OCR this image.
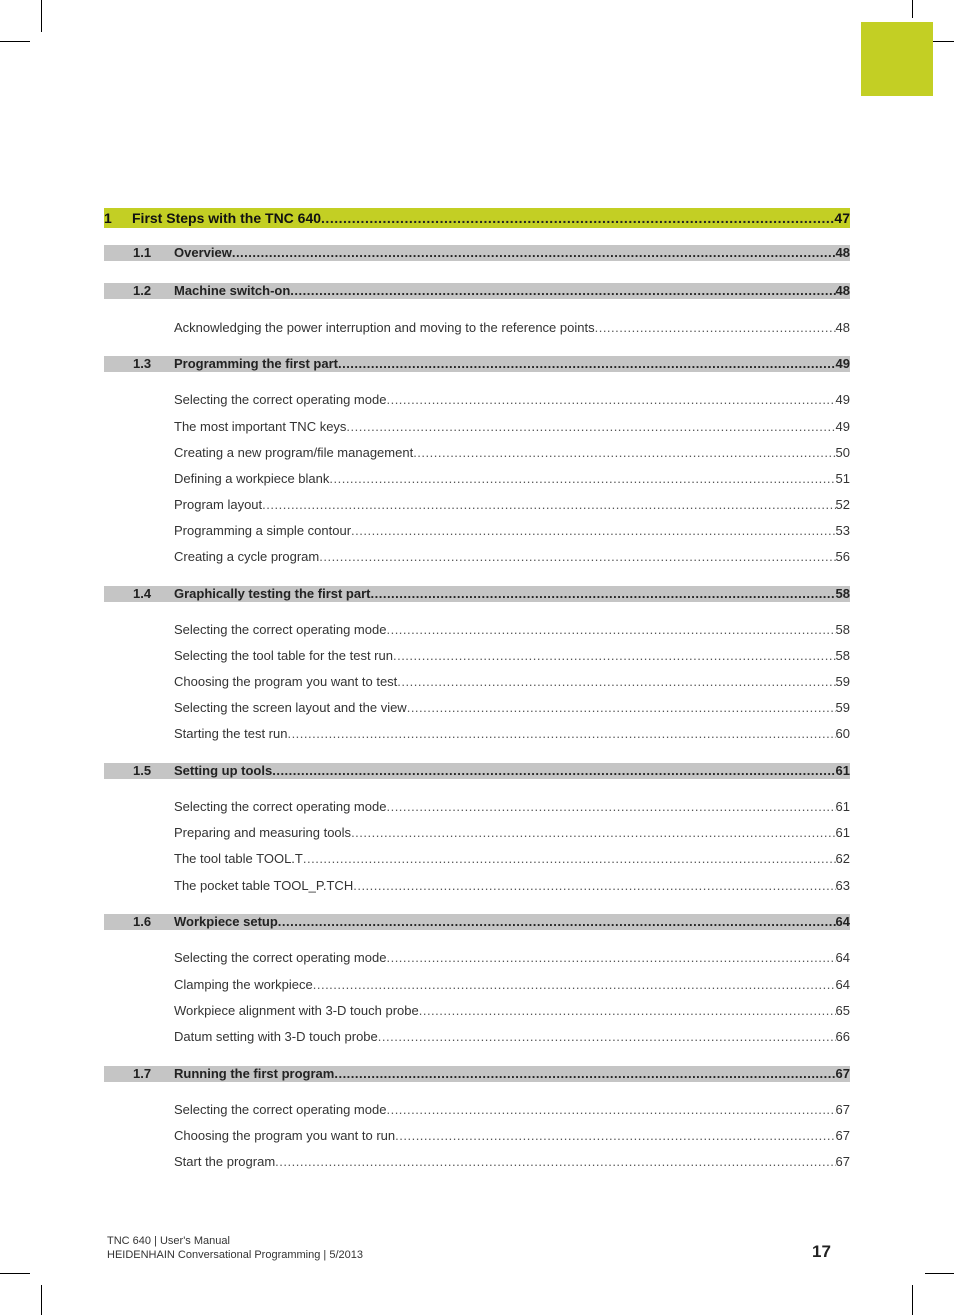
1	First Steps with the TNC 640 .....	47
1.1	Overview .....	48
1.2	Machine switch-on .....	48
Acknowledging the power interruption and moving to the reference points .....	48
1.3	Programming the first part .....	49
Selecting the correct operating mode .....	49
The most important TNC keys .....	49
Creating a new program/file management .....	50
Defining a workpiece blank .....	51
Program layout .....	52
Programming a simple contour .....	53
Creating a cycle program .....	56
1.4	Graphically testing the first part .....	58
Selecting the correct operating mode .....	58
Selecting the tool table for the test run .....	58
Choosing the program you want to test .....	59
Selecting the screen layout and the view .....	59
Starting the test run .....	60
1.5	Setting up tools .....	61
Selecting the correct operating mode .....	61
Preparing and measuring tools .....	61
The tool table TOOL.T .....	62
The pocket table TOOL_P.TCH .....	63
1.6	Workpiece setup .....	64
Selecting the correct operating mode .....	64
Clamping the workpiece .....	64
Workpiece alignment with 3-D touch probe .....	65
Datum setting with 3-D touch probe .....	66
1.7	Running the first program .....	67
Selecting the correct operating mode .....	67
Choosing the program you want to run .....	67
Start the program .....	67
TNC 640 | User's Manual
HEIDENHAIN Conversational Programming | 5/2013	17
